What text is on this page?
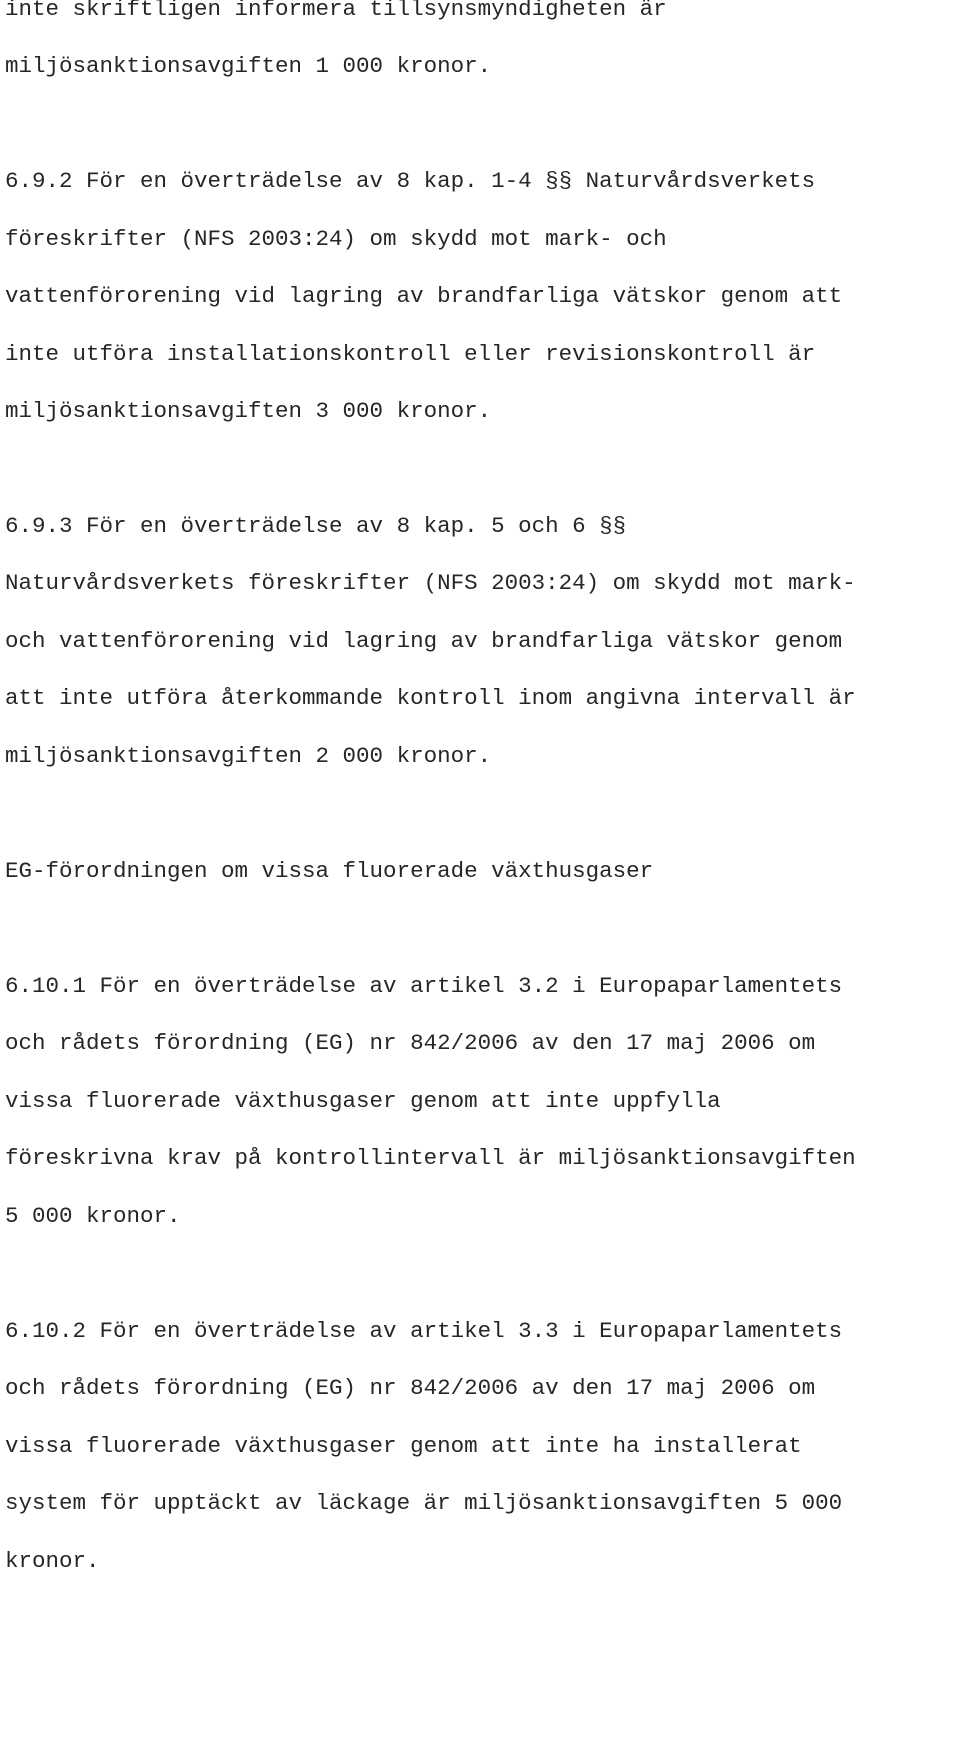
inte skriftligen informera tillsynsmyndigheten är

miljösanktionsavgiften 1 000 kronor.

6.9.2 För en överträdelse av 8 kap. 1-4 §§ Naturvårdsverkets

föreskrifter (NFS 2003:24) om skydd mot mark- och

vattenförorening vid lagring av brandfarliga vätskor genom att

inte utföra installationskontroll eller revisionskontroll är

miljösanktionsavgiften 3 000 kronor.

6.9.3 För en överträdelse av 8 kap. 5 och 6 §§

Naturvårdsverkets föreskrifter (NFS 2003:24) om skydd mot mark-

och vattenförorening vid lagring av brandfarliga vätskor genom

att inte utföra återkommande kontroll inom angivna intervall är

miljösanktionsavgiften 2 000 kronor.

EG-förordningen om vissa fluorerade växthusgaser

6.10.1 För en överträdelse av artikel 3.2 i Europaparlamentets

och rådets förordning (EG) nr 842/2006 av den 17 maj 2006 om

vissa fluorerade växthusgaser genom att inte uppfylla

föreskrivna krav på kontrollintervall är miljösanktionsavgiften

5 000 kronor.

6.10.2 För en överträdelse av artikel 3.3 i Europaparlamentets

och rådets förordning (EG) nr 842/2006 av den 17 maj 2006 om

vissa fluorerade växthusgaser genom att inte ha installerat

system för upptäckt av läckage är miljösanktionsavgiften 5 000

kronor.
